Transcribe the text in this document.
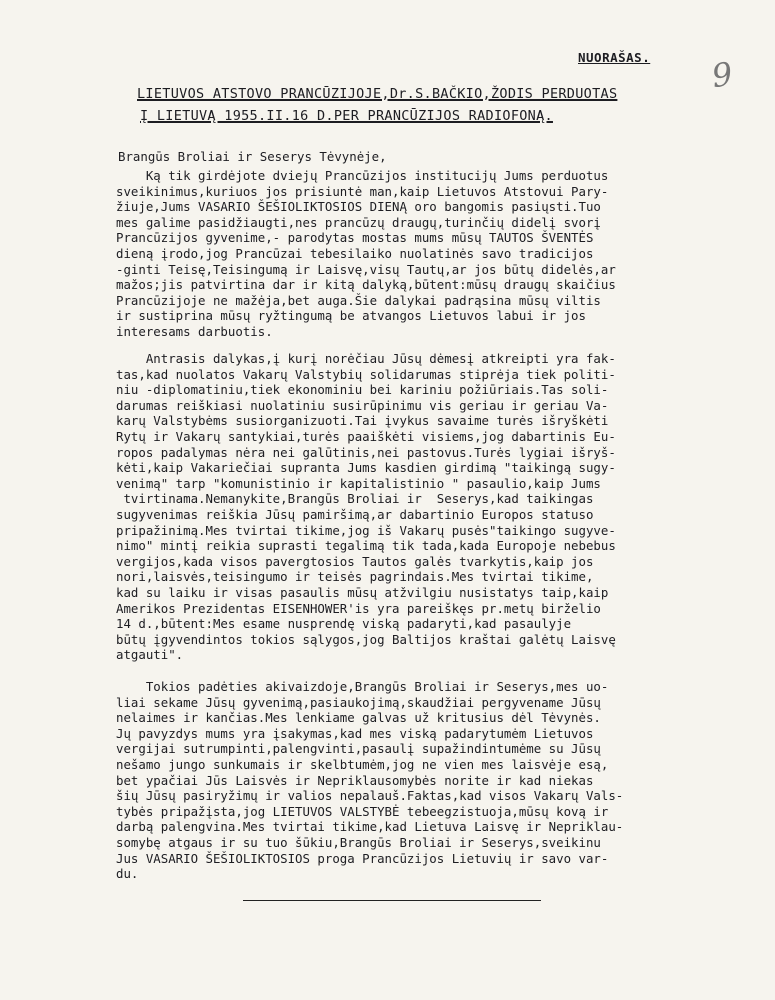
NUORAŠAS. 9
LIETUVOS ATSTOVO PRANCŪZIJOJE,Dr.S.BAČKIO,ŽODIS PERDUOTAS
Į LIETUVĄ 1955.II.16 D.PER PRANCŪZIJOS RADIOFONĄ.
Brangūs Broliai ir Seserys Tėvynėje,
Ką tik girdėjote dviejų Prancūzijos institucijų Jums perduotus
sveikinimus,kuriuos jos prisiuntė man,kaip Lietuvos Atstovui Pary-
žiuje,Jums VASARIO ŠEŠIOLIKTOSIOS DIENĄ oro bangomis pasiųsti.Tuo
mes galime pasidžiaugti,nes prancūzų draugų,turinčių didelį svorį
Prancūzijos gyvenime,- parodytas mostas mums mūsų TAUTOS ŠVENTĖS
dieną įrodo,jog Prancūzai tebesilaiko nuolatinės savo tradicijos
-ginti Teisę,Teisingumą ir Laisvę,visų Tautų,ar jos būtų didelės,ar
mažos;jis patvirtina dar ir kitą dalyką,būtent:mūsų draugų skaičius
Prancūzijoje ne mažėja,bet auga.Šie dalykai padrąsina mūsų viltis
ir sustiprina mūsų ryžtingumą be atvangos Lietuvos labui ir jos
interesams darbuotis.
Antrasis dalykas,į kurį norėčiau Jūsų dėmesį atkreipti yra fak-
tas,kad nuolatos Vakarų Valstybių solidarumas stiprėja tiek politi-
niu -diplomatiniu,tiek ekonominiu bei kariniu požiūriais.Tas soli-
darumas reiškiasi nuolatiniu susirūpinimu vis geriau ir geriau Va-
karų Valstybėms susiorganizuoti.Tai įvykus savaime turės išryškėti
Rytų ir Vakarų santykiai,turės paaiškėti visiems,jog dabartinis Eu-
ropos padalymas nėra nei galūtinis,nei pastovus.Turės lygiai išryš-
kėti,kaip Vakariečiai supranta Jums kasdien girdimą "taikingą sugy-
venimą" tarp "komunistinio ir kapitalistinio " pasaulio,kaip Jums
tvirtinama.Nemanykite,Brangūs Broliai ir  Seserys,kad taikingas
sugyvenimas reiškia Jūsų pamiršimą,ar dabartinio Europos statuso
pripažinimą.Mes tvirtai tikime,jog iš Vakarų pusės"taikingo sugyve-
nimo" mintį reikia suprasti tegalimą tik tada,kada Europoje nebebus
vergijos,kada visos pavergtosios Tautos galės tvarkytis,kaip jos
nori,laisvės,teisingumo ir teisės pagrindais.Mes tvirtai tikime,
kad su laiku ir visas pasaulis mūsų atžvilgiu nusistatys taip,kaip
Amerikos Prezidentas EISENHOWER'is yra pareiškęs pr.metų birželio
14 d.,būtent:Mes esame nusprendę viską padaryti,kad pasaulyje
būtų įgyvendintos tokios sąlygos,jog Baltijos kraštai galėtų Laisvę
atgauti".
Tokios padėties akivaizdoje,Brangūs Broliai ir Seserys,mes uo-
liai sekame Jūsų gyvenimą,pasiaukojimą,skaudžiai pergyvename Jūsų
nelaimes ir kančias.Mes lenkiame galvas už kritusius dėl Tėvynės.
Jų pavyzdys mums yra įsakymas,kad mes viską padarytumėm Lietuvos
vergijai sutrumpinti,palengvinti,pasaulį supažindintumėme su Jūsų
nešamo jungo sunkumais ir skelbtumėm,jog ne vien mes laisvėje esą,
bet ypačiai Jūs Laisvės ir Nepriklausomybės norite ir kad niekas
šių Jūsų pasiryžimų ir valios nepalauš.Faktas,kad visos Vakarų Vals-
tybės pripažįsta,jog LIETUVOS VALSTYBĖ tebeegzistuoja,mūsų kovą ir
darbą palengvina.Mes tvirtai tikime,kad Lietuva Laisvę ir Nepriklau-
somybę atgaus ir su tuo šūkiu,Brangūs Broliai ir Seserys,sveikinu
Jus VASARIO ŠEŠIOLIKTOSIOS proga Prancūzijos Lietuvių ir savo var-
du.
